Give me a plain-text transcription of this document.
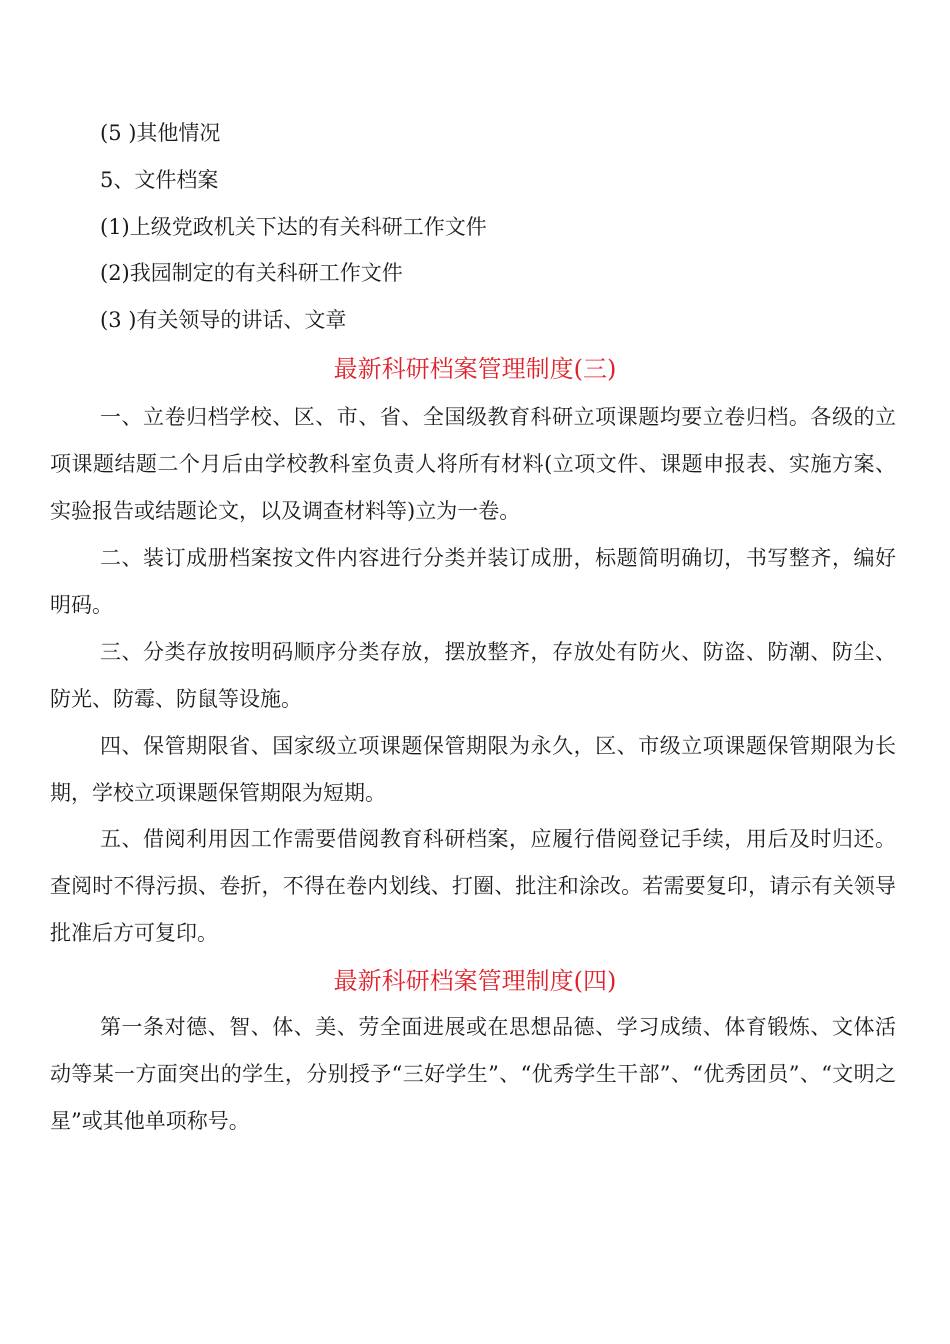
(5 )其他情况
5、文件档案
(1)上级党政机关下达的有关科研工作文件
(2)我园制定的有关科研工作文件
(3 )有关领导的讲话、文章
最新科研档案管理制度(三)

一、立卷归档学校、区、市、省、全国级教育科研立项课题均要立卷归档。各级的立项课题结题二个月后由学校教科室负责人将所有材料(立项文件、课题申报表、实施方案、实验报告或结题论文，以及调查材料等)立为一卷。

二、装订成册档案按文件内容进行分类并装订成册，标题简明确切，书写整齐，编好明码。

三、分类存放按明码顺序分类存放，摆放整齐，存放处有防火、防盗、防潮、防尘、防光、防霉、防鼠等设施。

四、保管期限省、国家级立项课题保管期限为永久，区、市级立项课题保管期限为长期，学校立项课题保管期限为短期。

五、借阅利用因工作需要借阅教育科研档案，应履行借阅登记手续，用后及时归还。查阅时不得污损、卷折，不得在卷内划线、打圈、批注和涂改。若需要复印，请示有关领导批准后方可复印。

最新科研档案管理制度(四)

第一条对德、智、体、美、劳全面进展或在思想品德、学习成绩、体育锻炼、文体活动等某一方面突出的学生，分别授予“三好学生”、“优秀学生干部”、“优秀团员”、“文明之星”或其他单项称号。
